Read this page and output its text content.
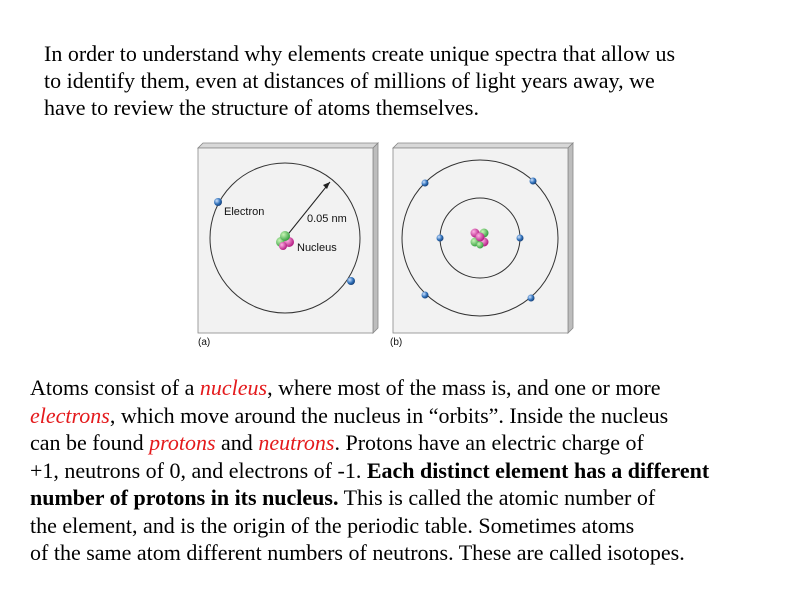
In order to understand why elements create unique spectra that allow us
to identify them, even at distances of millions of light years away, we
have to review the structure of atoms themselves.
Electron
0.05 nm
Nucleus
(a)	(b)
Atoms consist of a nucleus, where most of the mass is, and one or more
electrons, which move around the nucleus in “orbits”. Inside the nucleus
can be found protons and neutrons. Protons have an electric charge of
+1, neutrons of 0, and electrons of -1. Each distinct element has a different
number of protons in its nucleus. This is called the atomic number of
the element, and is the origin of the periodic table. Sometimes atoms
of the same atom different numbers of neutrons. These are called isotopes.
